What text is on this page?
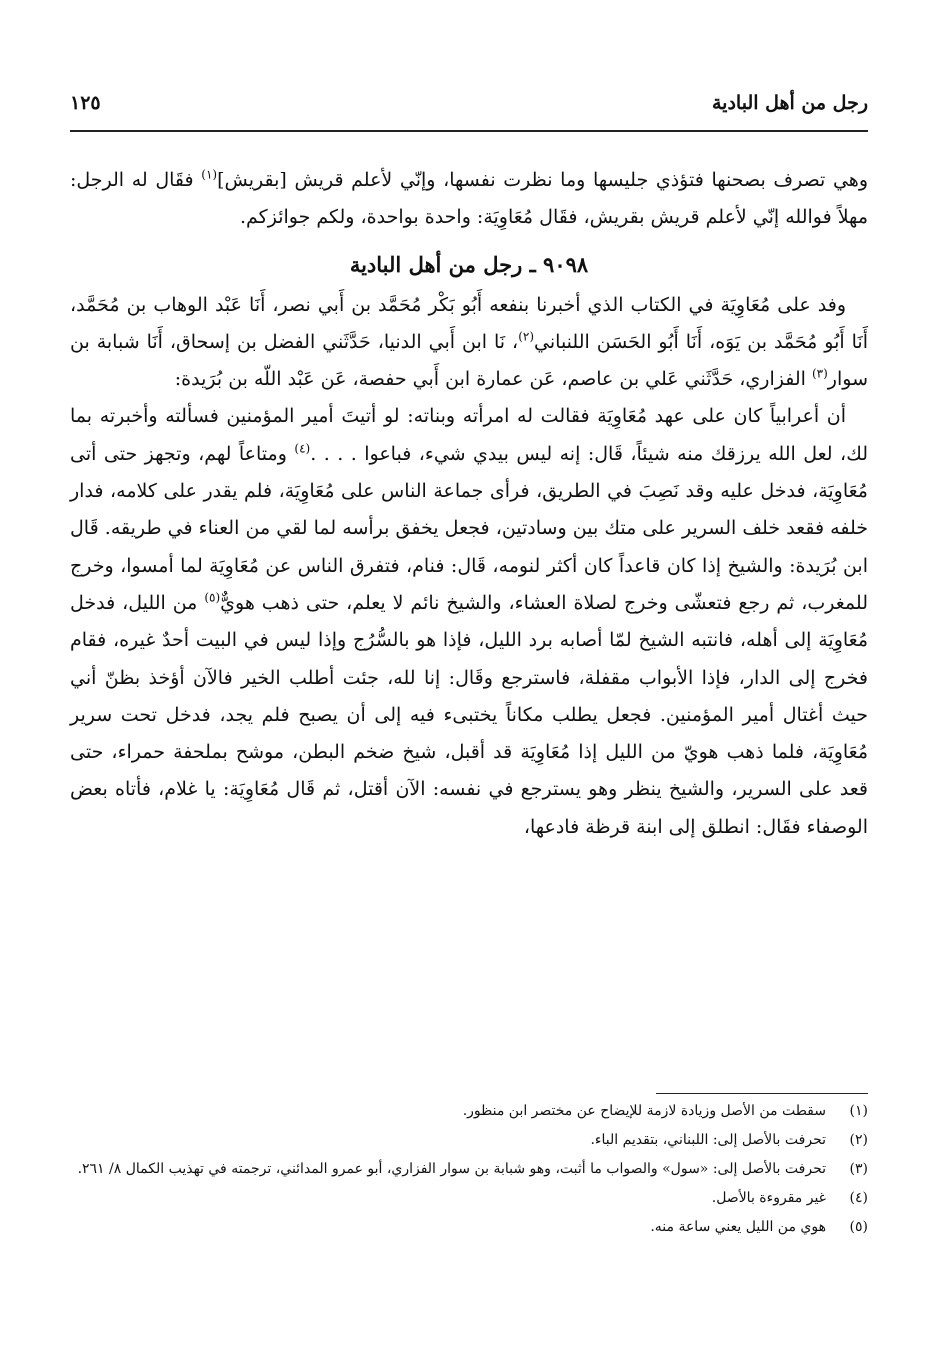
رجل من أهل البادية
١٢٥

وهي تصرف بصحنها فتؤذي جليسها وما نظرت نفسها، وإنّي لأعلم قريش [بقريش]$^{(١)}$ فقَال له الرجل: مهلاً فوالله إنّي لأعلم قريش بقريش، فقَال مُعَاوِيَة: واحدة بواحدة، ولكم جوائزكم.

٩٠٩٨ ـ رجل من أهل البادية

وفد على مُعَاوِيَة في الكتاب الذي أخبرنا بنفعه أَبُو بَكْر مُحَمَّد بن أَبي نصر، أَنَا عَبْد الوهاب بن مُحَمَّد، أَنَا أَبُو مُحَمَّد بن يَوَه، أَنَا أَبُو الحَسَن اللنباني$^{(٢)}$، نَا ابن أَبي الدنيا، حَدَّثَني الفضل بن إسحاق، أَنَا شبابة بن سوار$^{(٣)}$ الفزاري، حَدَّثَني عَلي بن عاصم، عَن عمارة ابن أَبي حفصة، عَن عَبْد اللّه بن بُرَيدة:

أن أعرابياً كان على عهد مُعَاوِيَة فقالت له امرأته وبناته: لو أتيتَ أمير المؤمنين فسألته وأخبرته بما لك، لعل الله يرزقك منه شيئاً، قَال: إنه ليس بيدي شيء، فباعوا . . . .$^{(٤)}$ ومتاعاً لهم، وتجهز حتى أتى مُعَاوِيَة، فدخل عليه وقد نَصِبَ في الطريق، فرأى جماعة الناس على مُعَاوِيَة، فلم يقدر على كلامه، فدار خلفه فقعد خلف السرير على متك بين وسادتين، فجعل يخفق برأسه لما لقي من العناء في طريقه. قَال ابن بُرَيدة: والشيخ إذا كان قاعداً كان أكثر لنومه، قَال: فنام، فتفرق الناس عن مُعَاوِيَة لما أمسوا، وخرج للمغرب، ثم رجع فتعشّى وخرج لصلاة العشاء، والشيخ نائم لا يعلم، حتى ذهب هويٌّ$^{(٥)}$ من الليل، فدخل مُعَاوِيَة إلى أهله، فانتبه الشيخ لمّا أصابه برد الليل، فإذا هو بالسُّرُج وإذا ليس في البيت أحدٌ غيره، فقام فخرج إلى الدار، فإذا الأبواب مقفلة، فاسترجع وقَال: إنا لله، جئت أطلب الخير فالآن أؤخذ بظنّ أني حيث أغتال أمير المؤمنين. فجعل يطلب مكاناً يختبىء فيه إلى أن يصبح فلم يجد، فدخل تحت سرير مُعَاوِيَة، فلما ذهب هويّ من الليل إذا مُعَاوِيَة قد أقبل، شيخ ضخم البطن، موشح بملحفة حمراء، حتى قعد على السرير، والشيخ ينظر وهو يسترجع في نفسه: الآن أقتل، ثم قَال مُعَاوِيَة: يا غلام، فأتاه بعض الوصفاء فقَال: انطلق إلى ابنة قرظة فادعها،

(١)
سقطت من الأصل وزيادة لازمة للإيضاح عن مختصر ابن منظور.
(٢)
تحرفت بالأصل إلى: اللبناني، بتقديم الباء.
(٣)
تحرفت بالأصل إلى: «سول» والصواب ما أثبت، وهو شبابة بن سوار الفزاري، أبو عمرو المدائني، ترجمته في تهذيب الكمال ٨/ ٢٦١.
(٤)
غير مقروءة بالأصل.
(٥)
هوي من الليل يعني ساعة منه.
